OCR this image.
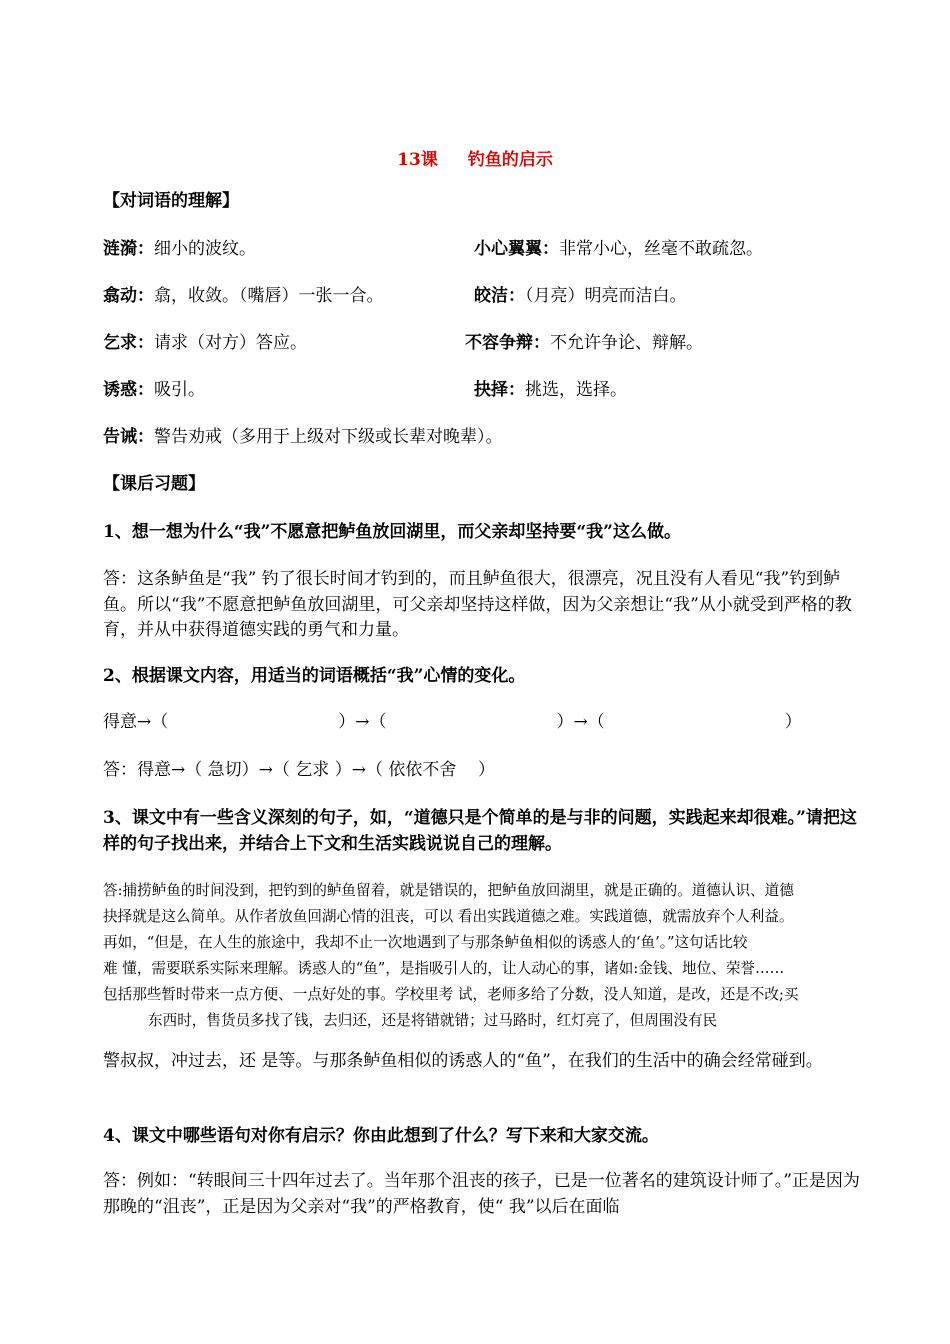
13课 钓鱼的启示
【对词语的理解】
涟漪：细小的波纹。	小心翼翼：非常小心，丝毫不敢疏忽。
翕动：翕，收敛。（嘴唇）一张一合。	皎洁：（月亮）明亮而洁白。
乞求：请求（对方）答应。	不容争辩：不允许争论、辩解。
诱惑：吸引。	抉择：挑选，选择。
告诫：警告劝戒（多用于上级对下级或长辈对晚辈）。
【课后习题】
1、想一想为什么“我”不愿意把鲈鱼放回湖里，而父亲却坚持要“我”这么做。
答：这条鲈鱼是“我” 钓了很长时间才钓到的，而且鲈鱼很大，很漂亮，况且没有人看见“我”钓到鲈鱼。所以“我”不愿意把鲈鱼放回湖里，可父亲却坚持这样做，因为父亲想让“我”从小就受到严格的教育，并从中获得道德实践的勇气和力量。
2、根据课文内容，用适当的词语概括“我”心情的变化。
得意→（	）→（	）→（	）
答：得意→（ 急切）→（ 乞求 ）→（ 依依不舍 ）
3、课文中有一些含义深刻的句子，如，“道德只是个简单的是与非的问题，实践起来却很难。”请把这样的句子找出来，并结合上下文和生活实践说说自己的理解。
答:捕捞鲈鱼的时间没到，把钓到的鲈鱼留着，就是错误的，把鲈鱼放回湖里，就是正确的。道德认识、道德
抉择就是这么简单。从作者放鱼回湖心情的沮丧，可以 看出实践道德之难。实践道德，就需放弃个人利益。
再如，“但是，在人生的旅途中，我却不止一次地遇到了与那条鲈鱼相似的诱惑人的‘鱼’。”这句话比较
难 懂，需要联系实际来理解。诱惑人的“鱼”，是指吸引人的，让人动心的事，诸如:金钱、地位、荣誉……
包括那些暂时带来一点方便、一点好处的事。学校里考 试，老师多给了分数，没人知道，是改，还是不改;买
东西时，售货员多找了钱，去归还，还是将错就错；过马路时，红灯亮了，但周围没有民
警叔叔，冲过去，还 是等。与那条鲈鱼相似的诱惑人的“鱼”，在我们的生活中的确会经常碰到。
4、课文中哪些语句对你有启示？你由此想到了什么？写下来和大家交流。
答：例如：“转眼间三十四年过去了。当年那个沮丧的孩子，已是一位著名的建筑设计师了。”正是因为那晚的“沮丧”，正是因为父亲对“我”的严格教育，使“ 我”以后在面临
